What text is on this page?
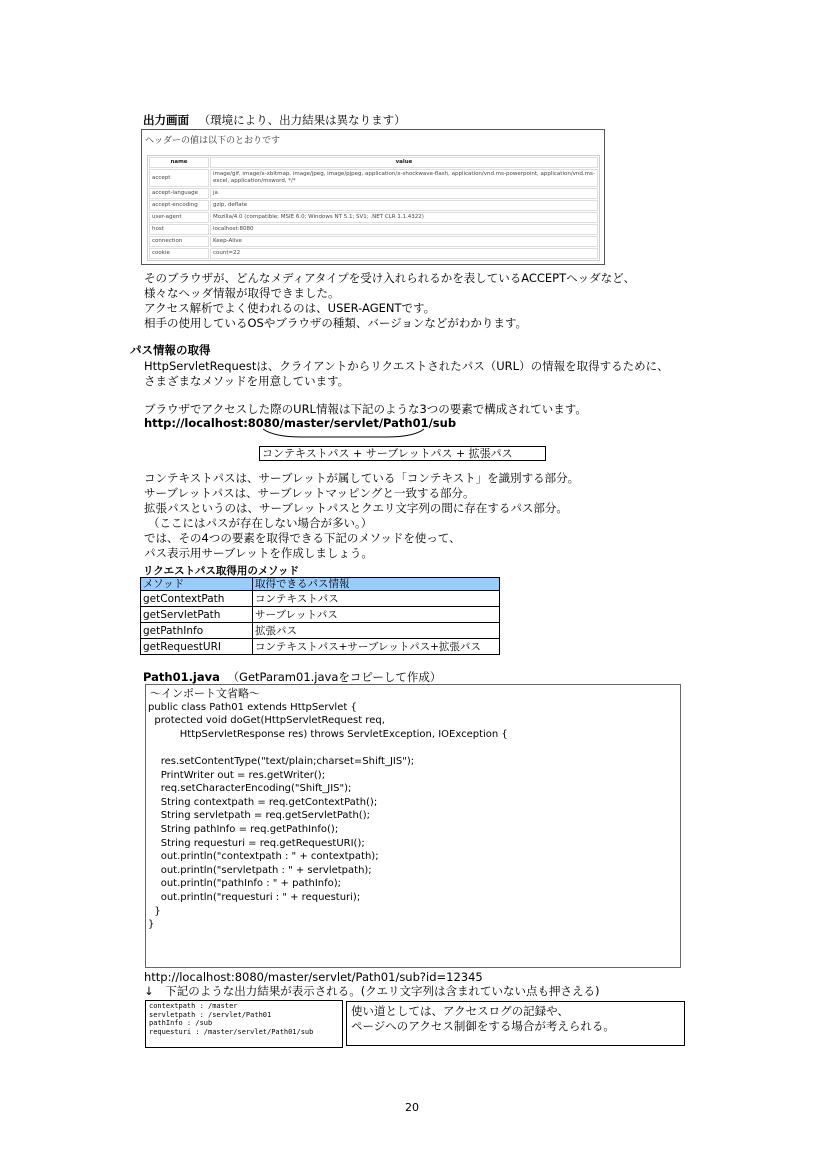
出力画面 （環境により、出力結果は異なります）
ヘッダーの値は以下のとおりです
name	value
accept	image/gif, image/x-xbitmap, image/jpeg, image/pjpeg, application/x-shockwave-flash, application/vnd.ms-powerpoint, application/vnd.ms-excel, application/msword, */*
accept-language	ja
accept-encoding	gzip, deflate
user-agent	Mozilla/4.0 (compatible; MSIE 6.0; Windows NT 5.1; SV1; .NET CLR 1.1.4322)
host	localhost:8080
connection	Keep-Alive
cookie	count=22
そのブラウザが、どんなメディアタイプを受け入れられるかを表しているACCEPTヘッダなど、
様々なヘッダ情報が取得できました。
アクセス解析でよく使われるのは、USER-AGENTです。
相手の使用しているOSやブラウザの種類、バージョンなどがわかります。
パス情報の取得
HttpServletRequestは、クライアントからリクエストされたパス（URL）の情報を取得するために、
さまざまなメソッドを用意しています。
ブラウザでアクセスした際のURL情報は下記のような3つの要素で構成されています。
http://localhost:8080/master/servlet/Path01/sub
コンテキストパス + サーブレットパス + 拡張パス
コンテキストパスは、サーブレットが属している「コンテキスト」を識別する部分。
サーブレットパスは、サーブレットマッピングと一致する部分。
拡張パスというのは、サーブレットパスとクエリ文字列の間に存在するパス部分。
（ここにはパスが存在しない場合が多い。）
では、その4つの要素を取得できる下記のメソッドを使って、
パス表示用サーブレットを作成しましょう。
リクエストパス取得用のメソッド
メソッド	取得できるパス情報
getContextPath	コンテキストパス
getServletPath	サーブレットパス
getPathInfo	拡張パス
getRequestURI	コンテキストパス+サーブレットパス+拡張パス
Path01.java （GetParam01.javaをコピーして作成）
～インポート文省略～
public class Path01 extends HttpServlet {
protected void doGet(HttpServletRequest req,
HttpServletResponse res) throws ServletException, IOException {
res.setContentType("text/plain;charset=Shift_JIS");
PrintWriter out = res.getWriter();
req.setCharacterEncoding("Shift_JIS");
String contextpath = req.getContextPath();
String servletpath = req.getServletPath();
String pathInfo = req.getPathInfo();
String requesturi = req.getRequestURI();
out.println("contextpath : " + contextpath);
out.println("servletpath : " + servletpath);
out.println("pathInfo : " + pathInfo);
out.println("requesturi : " + requesturi);
}
}
http://localhost:8080/master/servlet/Path01/sub?id=12345
↓ 下記のような出力結果が表示される。(クエリ文字列は含まれていない点も押さえる)
contextpath : /master
servletpath : /servlet/Path01
pathInfo : /sub
requesturi : /master/servlet/Path01/sub
使い道としては、アクセスログの記録や、
ページへのアクセス制御をする場合が考えられる。
20
